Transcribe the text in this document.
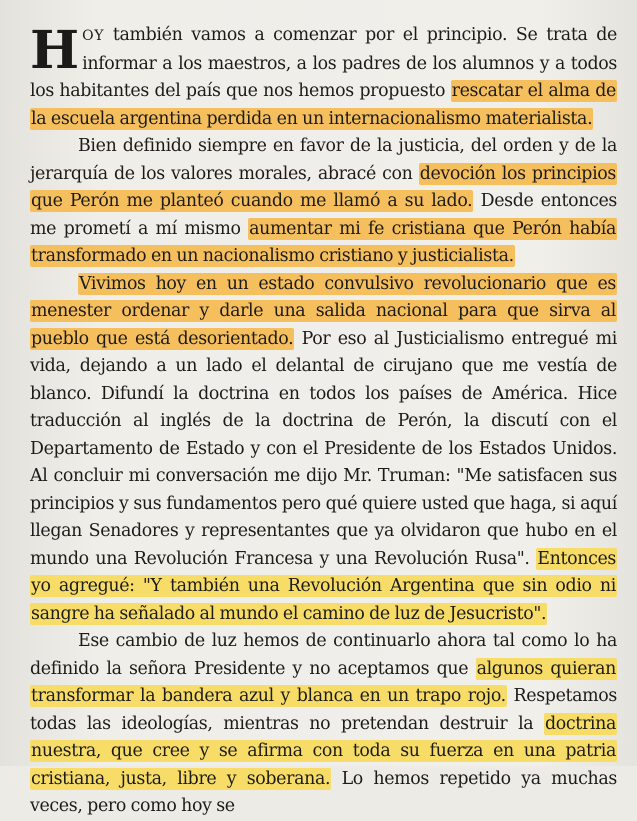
HOY también vamos a comenzar por el principio. Se trata de informar a los maestros, a los padres de los alumnos y a todos los habitantes del país que nos hemos propuesto rescatar el alma de la escuela argentina perdida en un internacionalismo materialista.

Bien definido siempre en favor de la justicia, del orden y de la jerarquía de los valores morales, abracé con devoción los principios que Perón me planteó cuando me llamó a su lado. Desde entonces me prometí a mí mismo aumentar mi fe cristiana que Perón había transformado en un nacionalismo cristiano y justicialista.

Vivimos hoy en un estado convulsivo revolucionario que es menester ordenar y darle una salida nacional para que sirva al pueblo que está desorientado. Por eso al Justicialismo entregué mi vida, dejando a un lado el delantal de cirujano que me vestía de blanco. Difundí la doctrina en todos los países de América. Hice traducción al inglés de la doctrina de Perón, la discutí con el Departamento de Estado y con el Presidente de los Estados Unidos. Al concluir mi conversación me dijo Mr. Truman: "Me satisfacen sus principios y sus fundamentos pero qué quiere usted que haga, si aquí llegan Senadores y representantes que ya olvidaron que hubo en el mundo una Revolución Francesa y una Revolución Rusa". Entonces yo agregué: "Y también una Revolución Argentina que sin odio ni sangre ha señalado al mundo el camino de luz de Jesucristo".

Ese cambio de luz hemos de continuarlo ahora tal como lo ha definido la señora Presidente y no aceptamos que algunos quieran transformar la bandera azul y blanca en un trapo rojo. Respetamos todas las ideologías, mientras no pretendan destruir la doctrina nuestra, que cree y se afirma con toda su fuerza en una patria cristiana, justa, libre y soberana. Lo hemos repetido ya muchas veces, pero como hoy se
